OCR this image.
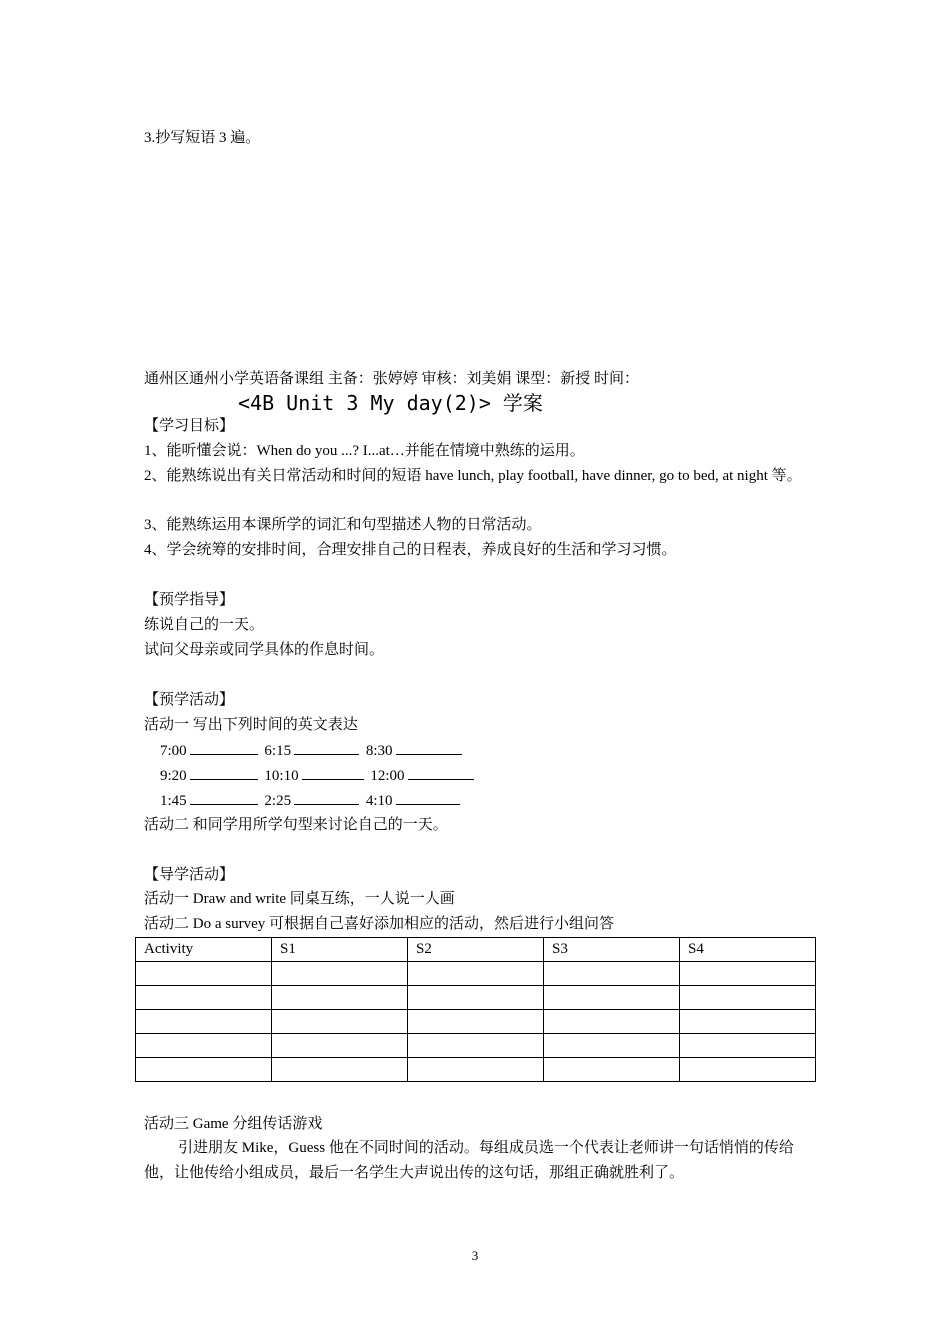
3.抄写短语 3 遍。
通州区通州小学英语备课组 主备：张婷婷 审核：刘美娟 课型：新授 时间：
<4B Unit 3 My day(2)> 学案
【学习目标】
1、能听懂会说：When do you ...? I...at…并能在情境中熟练的运用。
2、能熟练说出有关日常活动和时间的短语 have lunch, play football, have dinner, go to bed, at night 等。
3、能熟练运用本课所学的词汇和句型描述人物的日常活动。
4、学会统筹的安排时间，合理安排自己的日程表，养成良好的生活和学习习惯。
【预学指导】
练说自己的一天。
试问父母亲或同学具体的作息时间。
【预学活动】
活动一 写出下列时间的英文表达
7:00	6:15	8:30
9:20	10:10	12:00
1:45	2:25	4:10
活动二 和同学用所学句型来讨论自己的一天。
【导学活动】
活动一 Draw and write 同桌互练，一人说一人画
活动二 Do a survey 可根据自己喜好添加相应的活动，然后进行小组问答
Activity	S1	S2	S3	S4

活动三 Game 分组传话游戏
引进朋友 Mike，Guess 他在不同时间的活动。每组成员选一个代表让老师讲一句话悄悄的传给他，让他传给小组成员，最后一名学生大声说出传的这句话，那组正确就胜利了。
3
